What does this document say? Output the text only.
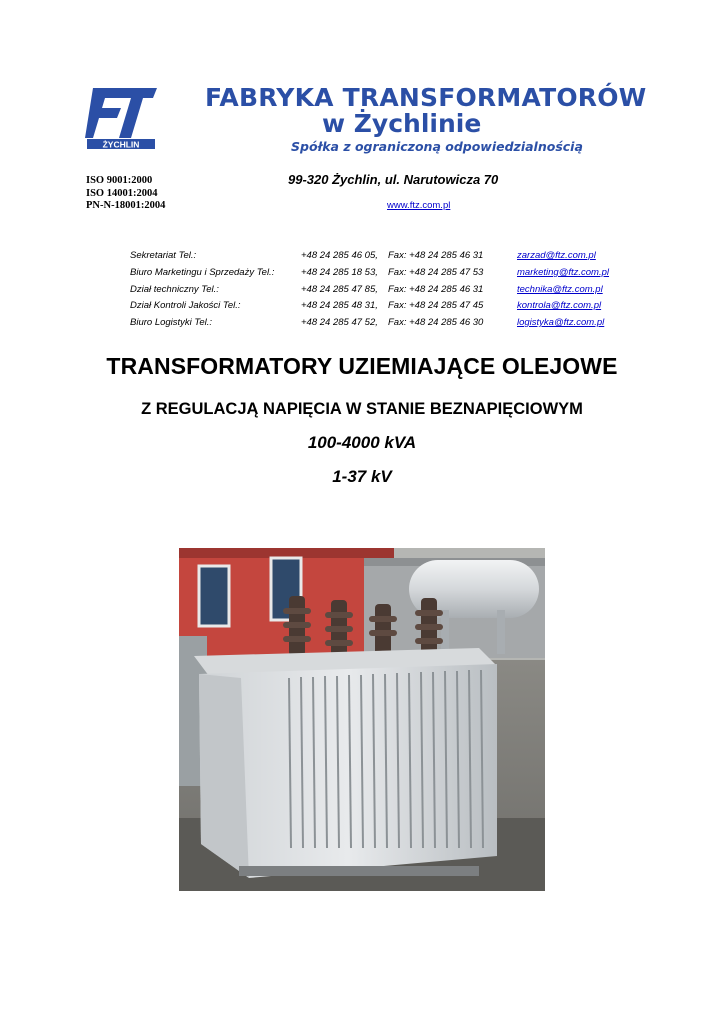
ŻYCHLIN
FABRYKA TRANSFORMATORÓW
w Żychlinie
Spółka z ograniczoną odpowiedzialnością
ISO 9001:2000
ISO 14001:2004
PN-N-18001:2004
99-320 Żychlin, ul. Narutowicza 70
www.ftz.com.pl
Sekretariat Tel.:	+48 24 285 46 05, Fax: +48 24 285 46 31	zarzad@ftz.com.pl
Biuro Marketingu i Sprzedaży Tel.:	+48 24 285 18 53, Fax: +48 24 285 47 53	marketing@ftz.com.pl
Dział techniczny Tel.:	+48 24 285 47 85, Fax: +48 24 285 46 31	technika@ftz.com.pl
Dział Kontroli Jakości Tel.:	+48 24 285 48 31, Fax: +48 24 285 47 45	kontrola@ftz.com.pl
Biuro Logistyki Tel.:	+48 24 285 47 52, Fax: +48 24 285 46 30	logistyka@ftz.com.pl
TRANSFORMATORY UZIEMIAJĄCE OLEJOWE
Z REGULACJĄ NAPIĘCIA W STANIE BEZNAPIĘCIOWYM
100-4000 kVA
1-37 kV
